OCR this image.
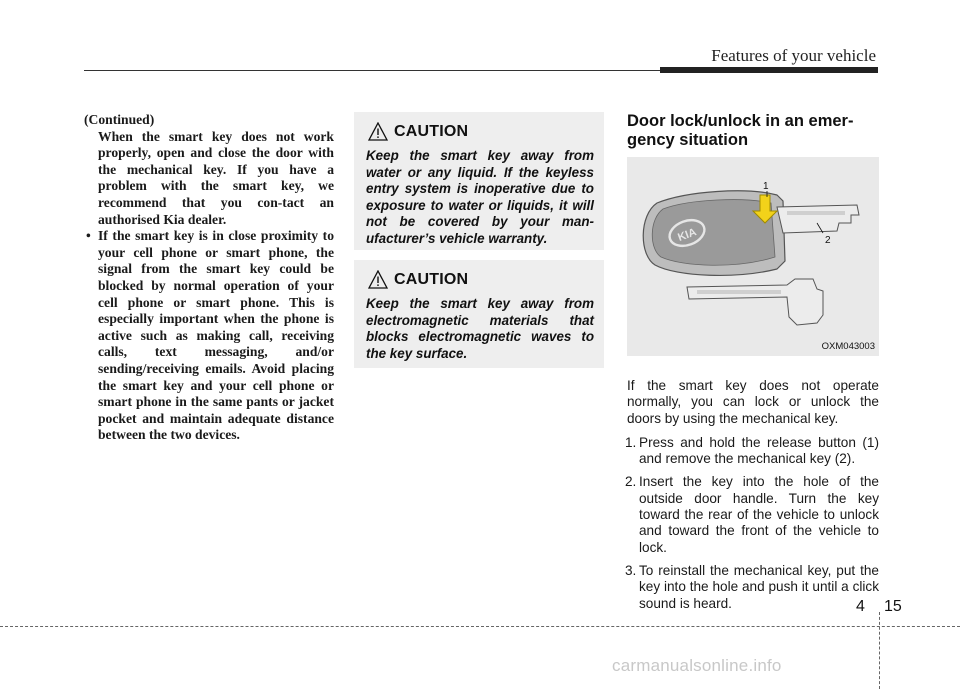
Features of your vehicle
(Continued)

When the smart key does not work properly, open and close the door with the mechanical key. If you have a problem with the smart key, we recommend that you con-tact an authorised Kia dealer.

• If the smart key is in close proximity to your cell phone or smart phone, the signal from the smart key could be blocked by normal operation of your cell phone or smart phone. This is especially important when the phone is active such as making call, receiving calls, text messaging, and/or sending/receiving emails. Avoid placing the smart key and your cell phone or smart phone in the same pants or jacket pocket and maintain adequate distance between the two devices.
CAUTION
Keep the smart key away from water or any liquid. If the keyless entry system is inoperative due to exposure to water or liquids, it will not be covered by your man-ufacturer’s vehicle warranty.
CAUTION
Keep the smart key away from electromagnetic materials that blocks electromagnetic waves to the key surface.
Door lock/unlock in an emer-gency situation
KIA
1
2
OXM043003

If the smart key does not operate normally, you can lock or unlock the doors by using the mechanical key.

1. Press and hold the release button (1) and remove the mechanical key (2).
2. Insert the key into the hole of the outside door handle. Turn the key toward the rear of the vehicle to unlock and toward the front of the vehicle to lock.
3. To reinstall the mechanical key, put the key into the hole and push it until a click sound is heard.	4 15
carmanualsonline.info
